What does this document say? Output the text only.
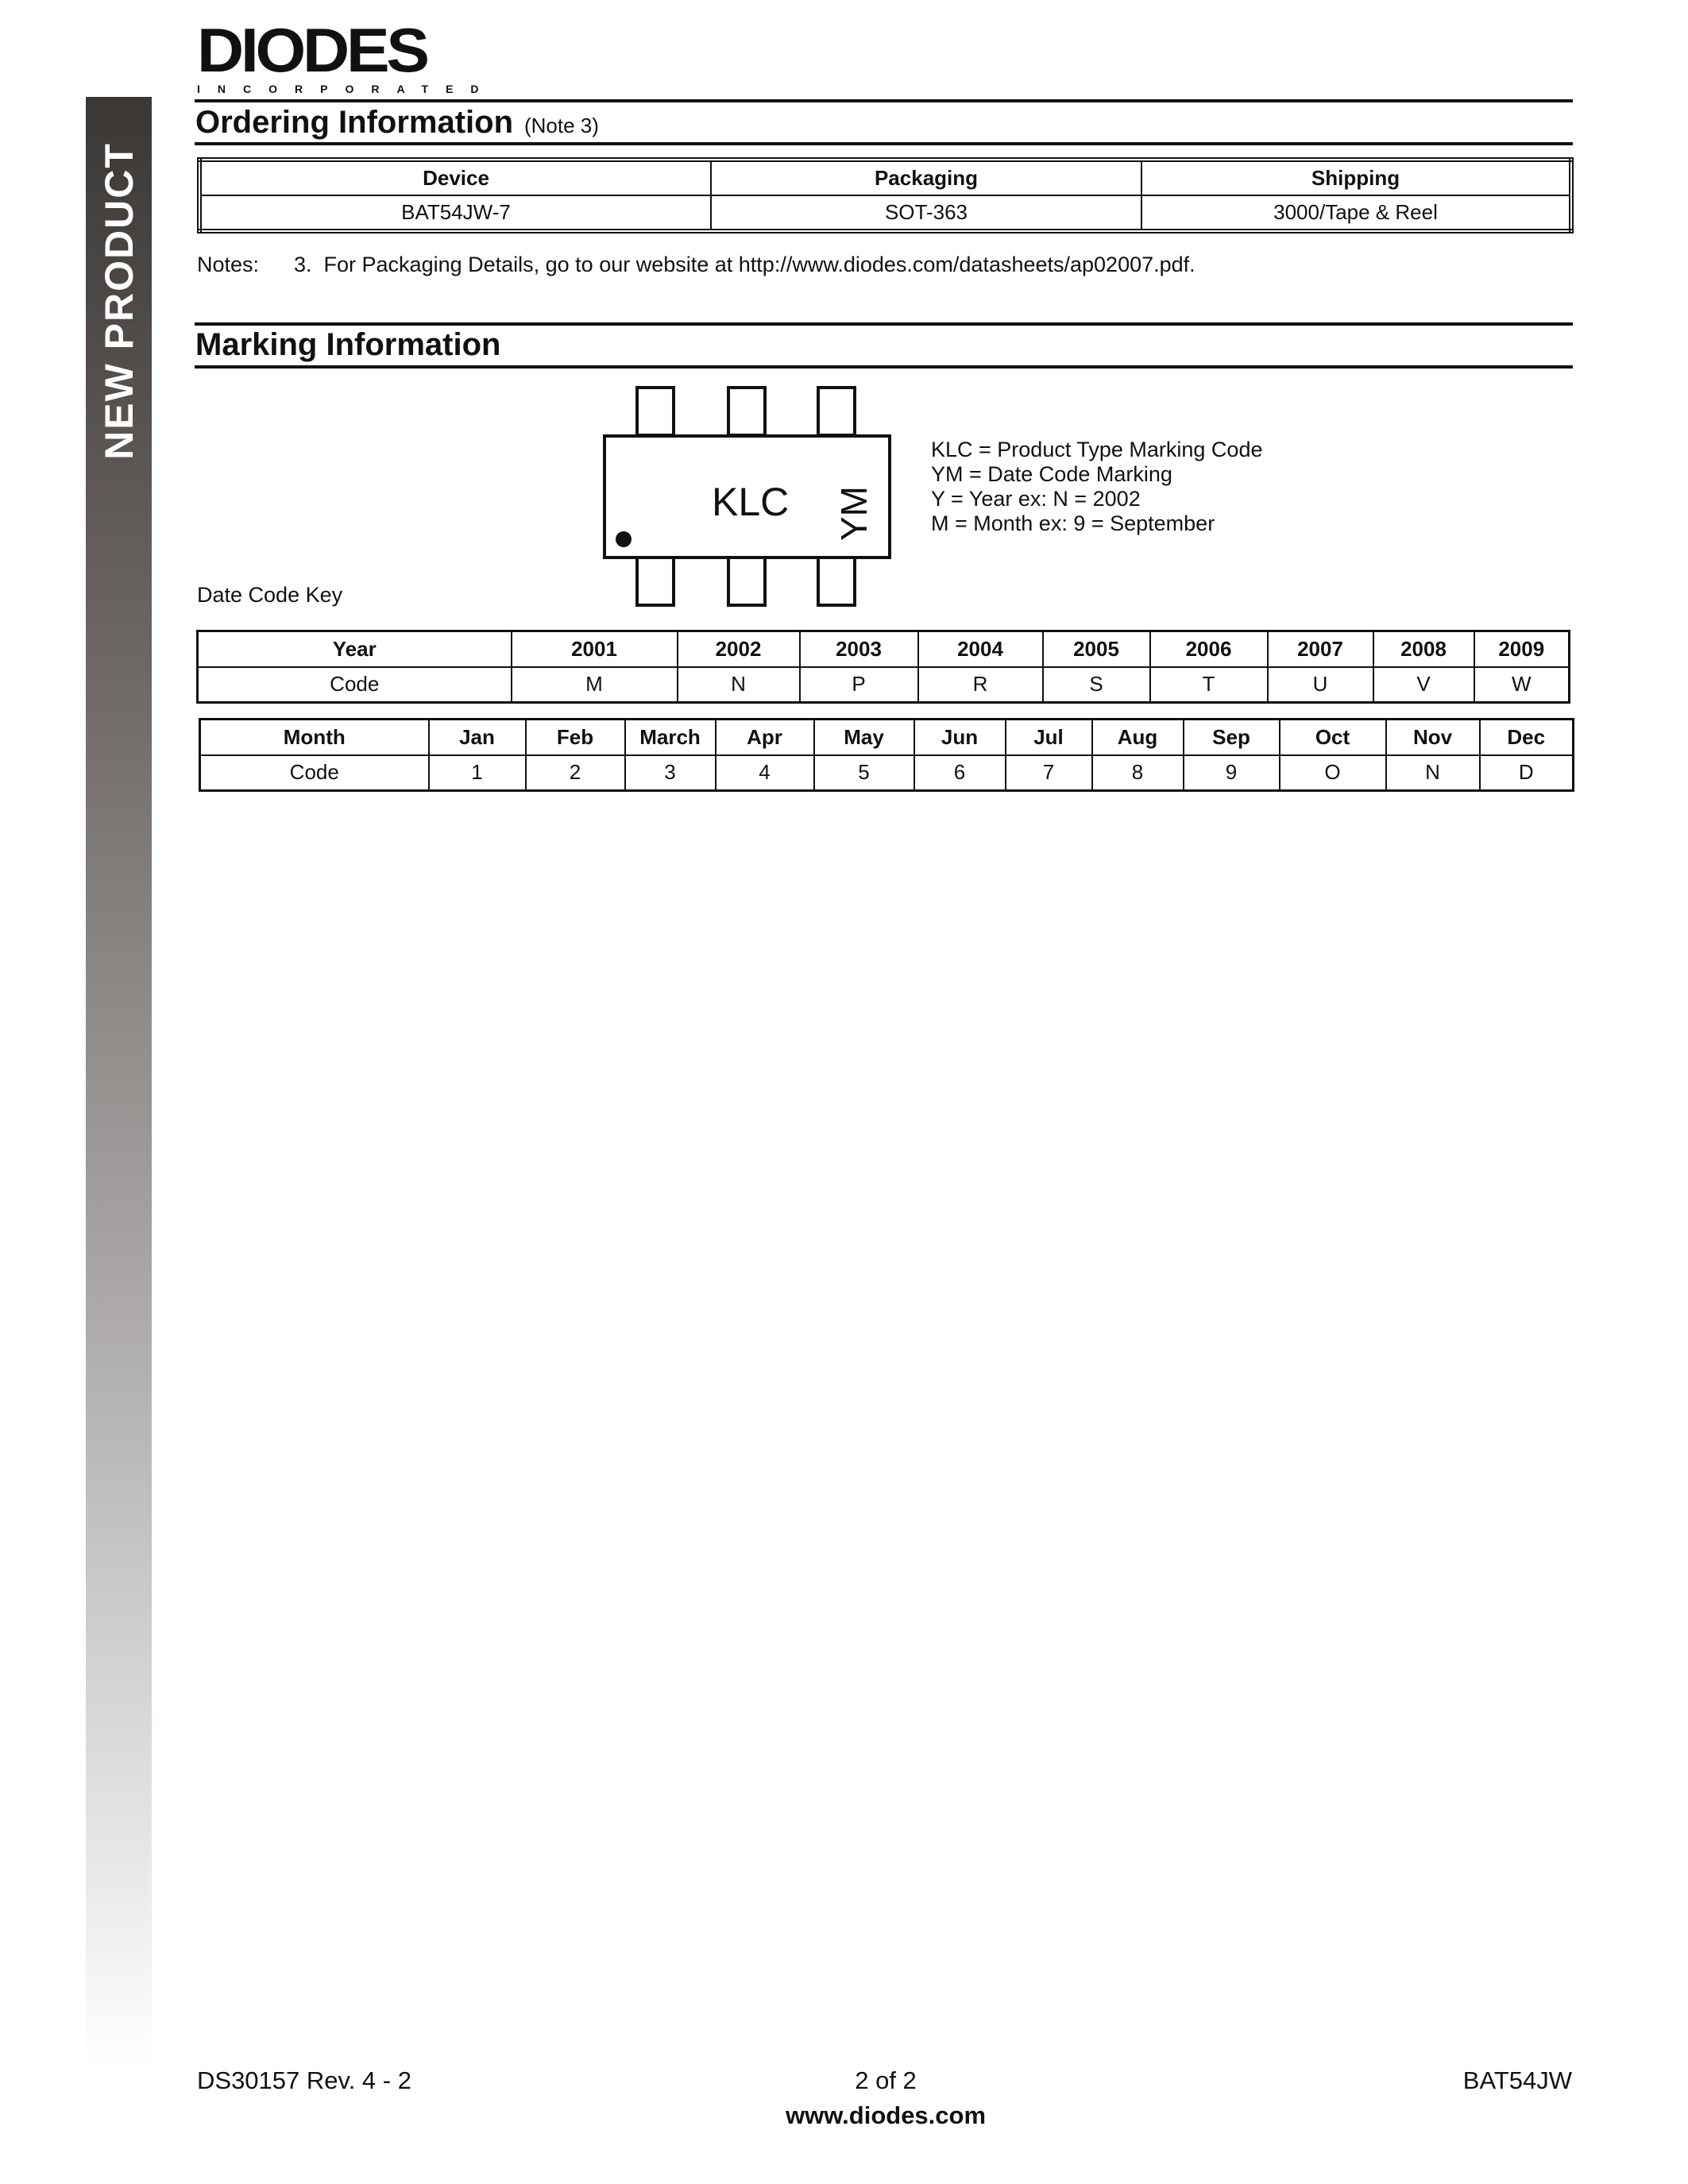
NEW PRODUCT
DIODES
INCORPORATED
Ordering Information (Note 3)
Device	Packaging	Shipping
BAT54JW-7	SOT-363	3000/Tape & Reel
Notes: 3.  For Packaging Details, go to our website at http://www.diodes.com/datasheets/ap02007.pdf.
Marking Information
KLC YM
KLC = Product Type Marking Code
YM = Date Code Marking
Y = Year ex: N = 2002
M = Month ex: 9 = September
Date Code Key
Year	2001	2002	2003	2004	2005	2006	2007	2008	2009
Code	M	N	P	R	S	T	U	V	W
Month	Jan	Feb	March	Apr	May	Jun	Jul	Aug	Sep	Oct	Nov	Dec
Code	1	2	3	4	5	6	7	8	9	O	N	D
DS30157 Rev. 4 - 2	2 of 2	BAT54JW
www.diodes.com
